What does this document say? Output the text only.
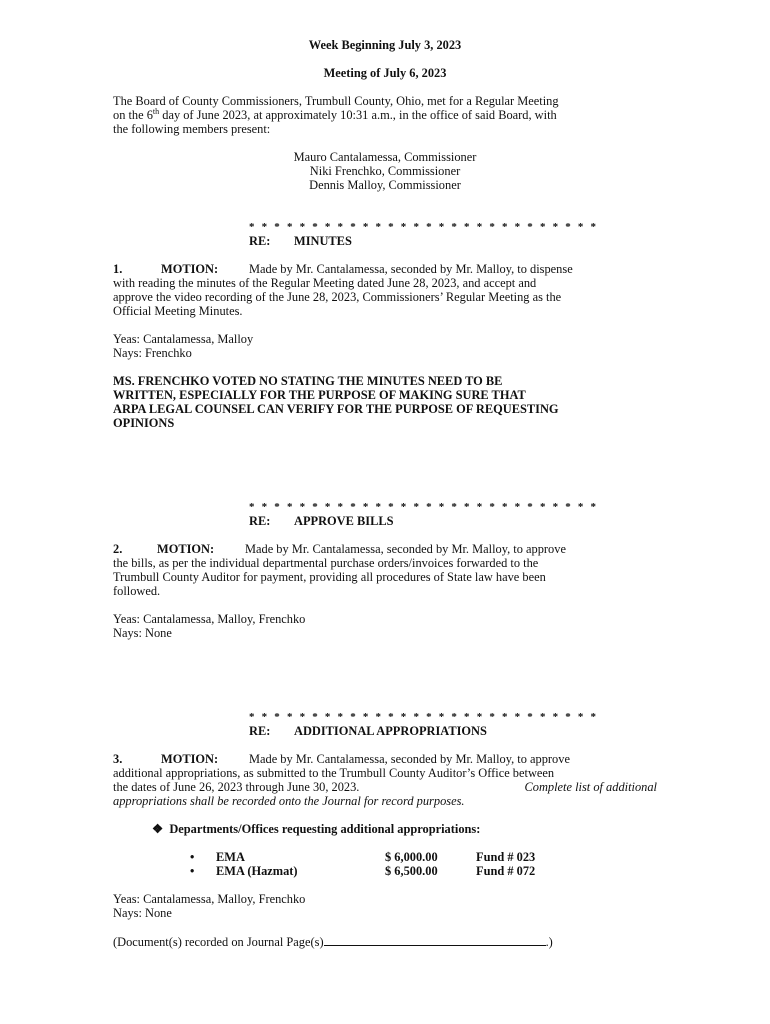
Week Beginning July 3, 2023
Meeting of July 6, 2023
The Board of County Commissioners, Trumbull County, Ohio, met for a Regular Meeting
on the 6th day of June 2023, at approximately 10:31 a.m., in the office of said Board, with
the following members present:
Mauro Cantalamessa, Commissioner
Niki Frenchko, Commissioner
Dennis Malloy, Commissioner
* * * * * * * * * * * * * * * * * * * * * * * * * * * *
RE: MINUTES
1.	MOTION: Made by Mr. Cantalamessa, seconded by Mr. Malloy, to dispense
with reading the minutes of the Regular Meeting dated June 28, 2023, and accept and
approve the video recording of the June 28, 2023, Commissioners’ Regular Meeting as the
Official Meeting Minutes.
Yeas: Cantalamessa, Malloy
Nays: Frenchko
MS. FRENCHKO VOTED NO STATING THE MINUTES NEED TO BE
WRITTEN, ESPECIALLY FOR THE PURPOSE OF MAKING SURE THAT
ARPA LEGAL COUNSEL CAN VERIFY FOR THE PURPOSE OF REQUESTING
OPINIONS
* * * * * * * * * * * * * * * * * * * * * * * * * * * *
RE: APPROVE BILLS
2.	MOTION: Made by Mr. Cantalamessa, seconded by Mr. Malloy, to approve
the bills, as per the individual departmental purchase orders/invoices forwarded to the
Trumbull County Auditor for payment, providing all procedures of State law have been
followed.
Yeas: Cantalamessa, Malloy, Frenchko
Nays: None
* * * * * * * * * * * * * * * * * * * * * * * * * * * *
RE: ADDITIONAL APPROPRIATIONS
3.	MOTION: Made by Mr. Cantalamessa, seconded by Mr. Malloy, to approve
additional appropriations, as submitted to the Trumbull County Auditor’s Office between
the dates of June 26, 2023 through June 30, 2023.	Complete list of additional
appropriations shall be recorded onto the Journal for record purposes.
❖ Departments/Offices requesting additional appropriations:
• EMA	$ 6,000.00	Fund # 023
• EMA (Hazmat)	$ 6,500.00	Fund # 072
Yeas: Cantalamessa, Malloy, Frenchko
Nays: None
(Document(s) recorded on Journal Page(s)	.)
